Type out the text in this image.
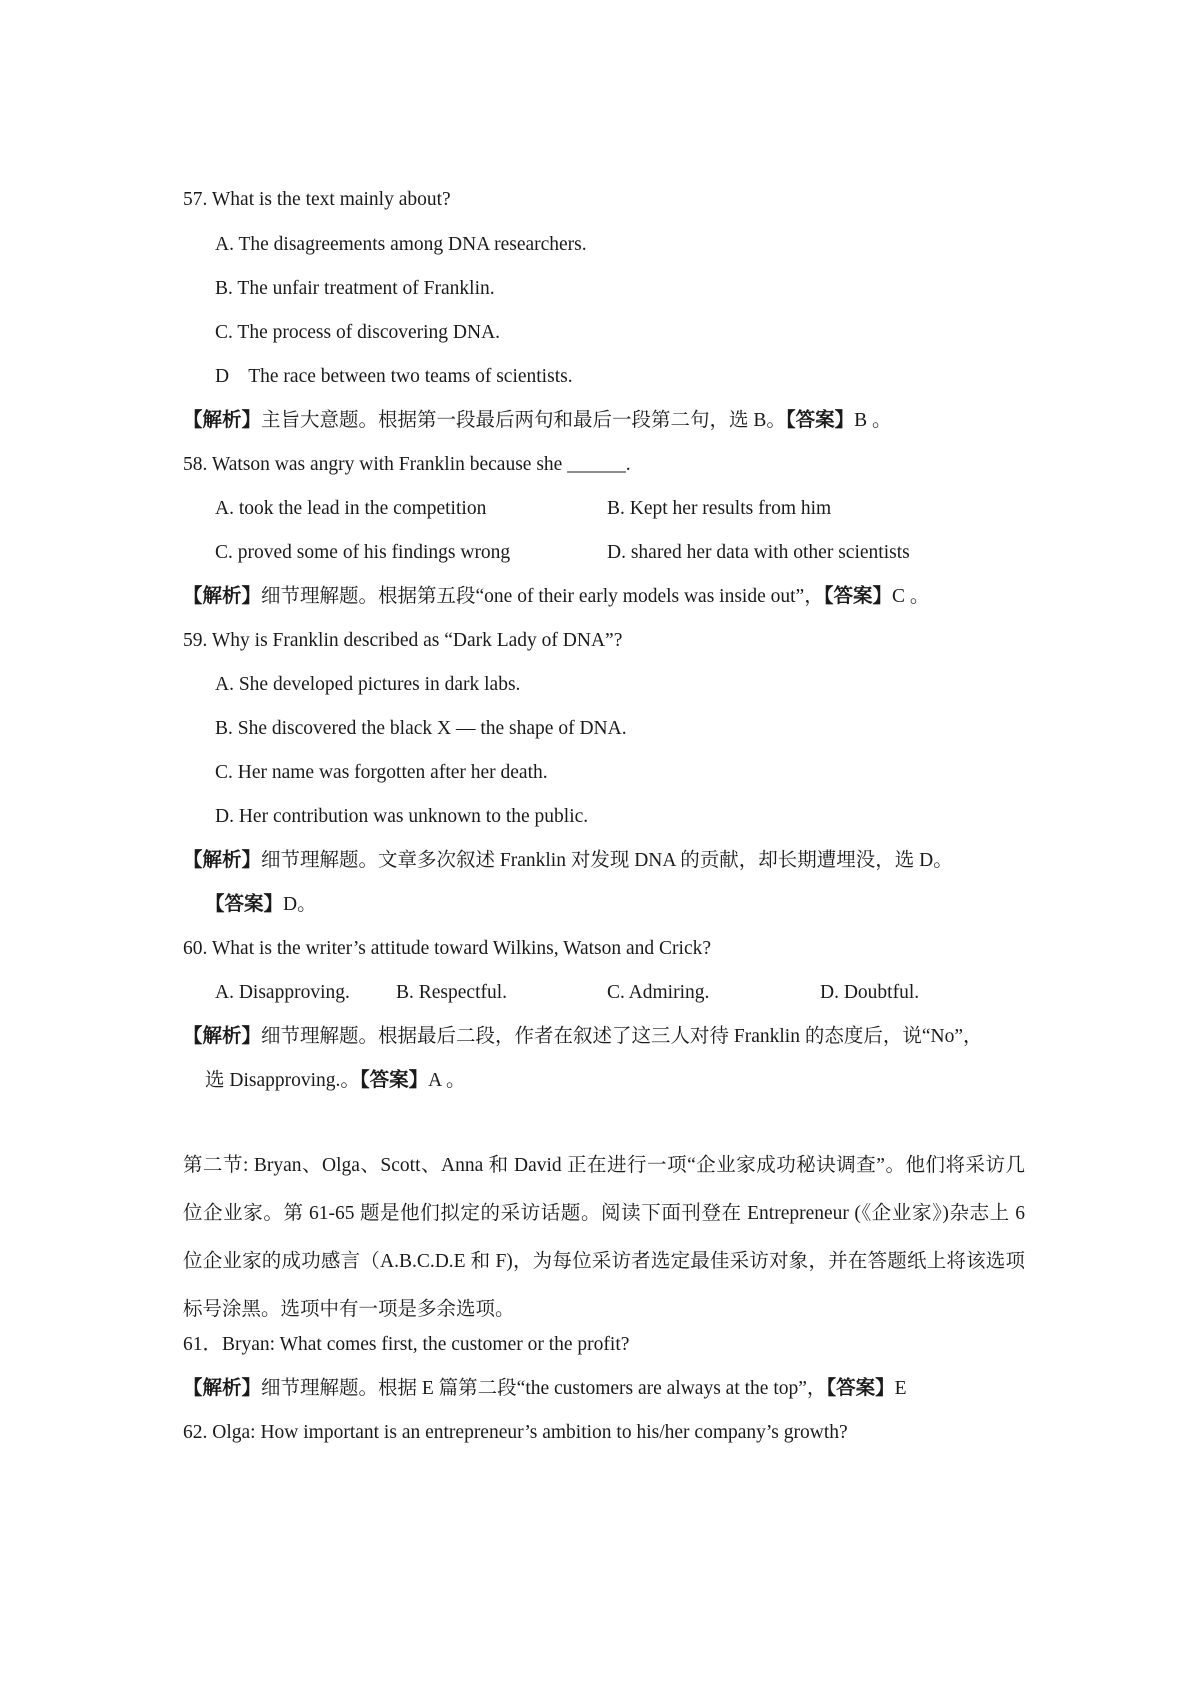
57. What is the text mainly about?
A. The disagreements among DNA researchers.
B. The unfair treatment of Franklin.
C. The process of discovering DNA.
D    The race between two teams of scientists.
【解析】主旨大意题。根据第一段最后两句和最后一段第二句，选 B。【答案】B 。
58. Watson was angry with Franklin because she ______.
A. took the lead in the competition	B. Kept her results from him
C. proved some of his findings wrong	D. shared her data with other scientists
【解析】细节理解题。根据第五段“one of their early models was inside out”，【答案】C 。
59. Why is Franklin described as “Dark Lady of DNA”?
A. She developed pictures in dark labs.
B. She discovered the black X — the shape of DNA.
C. Her name was forgotten after her death.
D. Her contribution was unknown to the public.
【解析】细节理解题。文章多次叙述 Franklin 对发现 DNA 的贡献，却长期遭埋没，选 D。
【答案】D。
60. What is the writer’s attitude toward Wilkins, Watson and Crick?
A. Disapproving. B. Respectful.	C. Admiring.	D. Doubtful.
【解析】细节理解题。根据最后二段，作者在叙述了这三人对待 Franklin 的态度后，说“No”，
选 Disapproving.。【答案】A 。
第二节: Bryan、Olga、Scott、Anna 和 David 正在进行一项“企业家成功秘诀调查”。他们将采访几位企业家。第 61-65 题是他们拟定的采访话题。阅读下面刊登在 Entrepreneur (《企业家》)杂志上 6 位企业家的成功感言（A.B.C.D.E 和 F)，为每位采访者选定最佳采访对象，并在答题纸上将该选项标号涂黑。选项中有一项是多余选项。
61．Bryan: What comes first, the customer or the profit?
【解析】细节理解题。根据 E 篇第二段“the customers are always at the top”，【答案】E
62. Olga: How important is an entrepreneur’s ambition to his/her company’s growth?
